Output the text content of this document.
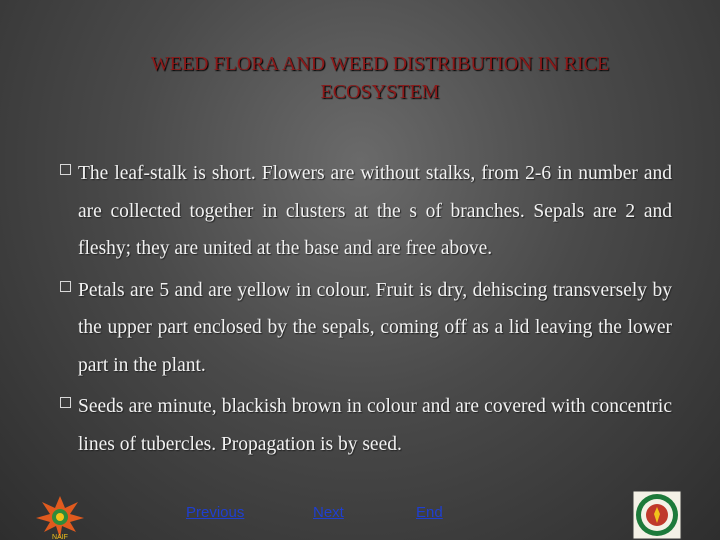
WEED FLORA AND WEED DISTRIBUTION IN RICE
ECOSYSTEM
The leaf-stalk is short. Flowers are without stalks, from 2-6 in number and are collected together in clusters at the s of branches. Sepals are 2 and fleshy; they are united at the base and are free above.
Petals are 5 and are yellow in colour. Fruit is dry, dehiscing transversely by the upper part enclosed by the sepals, coming off as a lid leaving the lower part in the plant.
Seeds are minute, blackish brown in colour and are covered with concentric lines of tubercles. Propagation is by seed.
NAIF
Previous	Next	End
